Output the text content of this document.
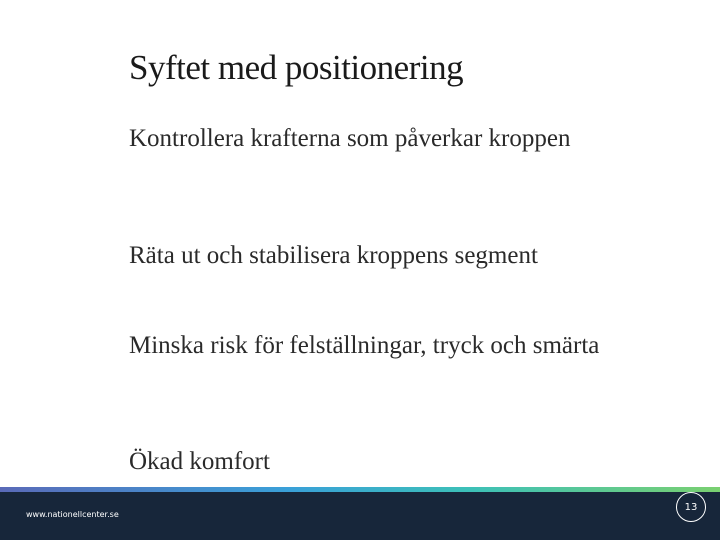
Syftet med positionering

Kontrollera krafterna som påverkar kroppen

Räta ut och stabilisera kroppens segment

Minska risk för felställningar, tryck och smärta

Ökad komfort

www.nationellcenter.se
13
